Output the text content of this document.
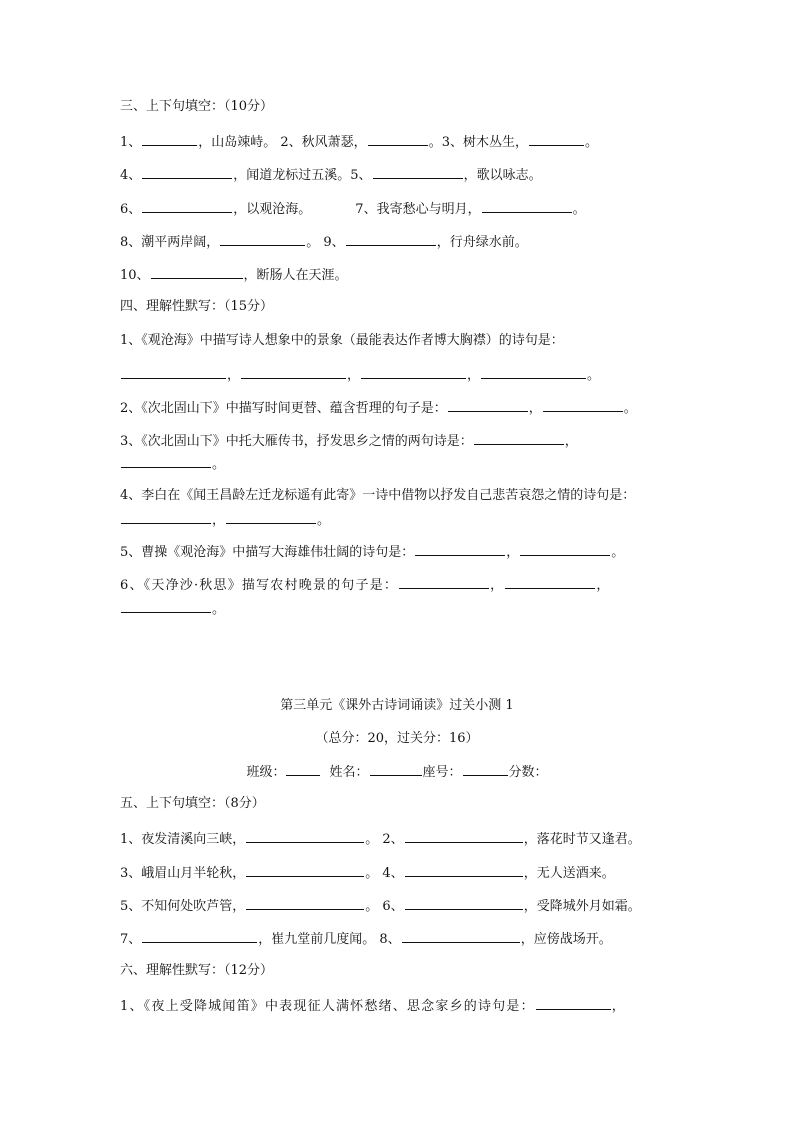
三、上下句填空：（10分）
1、	，山岛竦峙。 2、秋风萧瑟，	。3、树木丛生，	。
4、	，闻道龙标过五溪。5、	，歌以咏志。
6、	，以观沧海。	7、我寄愁心与明月，	。
8、潮平两岸阔，	。 9、	，行舟绿水前。
10、	，断肠人在天涯。
四、理解性默写：（15分）
1、《观沧海》中描写诗人想象中的景象（最能表达作者博大胸襟）的诗句是：
，	，	，	。
2、《次北固山下》中描写时间更替、蕴含哲理的句子是：	，	。
3、《次北固山下》中托大雁传书，抒发思乡之情的两句诗是：	，
。
4、李白在《闻王昌龄左迁龙标遥有此寄》一诗中借物以抒发自己悲苦哀怨之情的诗句是：
，	。
5、曹操《观沧海》中描写大海雄伟壮阔的诗句是：	，	。
6、《天净沙·秋思》描写农村晚景的句子是：	，	，
。
第三单元《课外古诗词诵读》过关小测 1
（总分：20，过关分：16）
班级：	姓名：	座号：	分数：
五、上下句填空：（8分）
1、夜发清溪向三峡，	。 2、	，落花时节又逢君。
3、峨眉山月半轮秋，	。 4、	，无人送酒来。
5、不知何处吹芦管，	。 6、	，受降城外月如霜。
7、	，崔九堂前几度闻。 8、	，应傍战场开。
六、理解性默写：（12分）
1、《夜上受降城闻笛》中表现征人满怀愁绪、思念家乡的诗句是：	，
